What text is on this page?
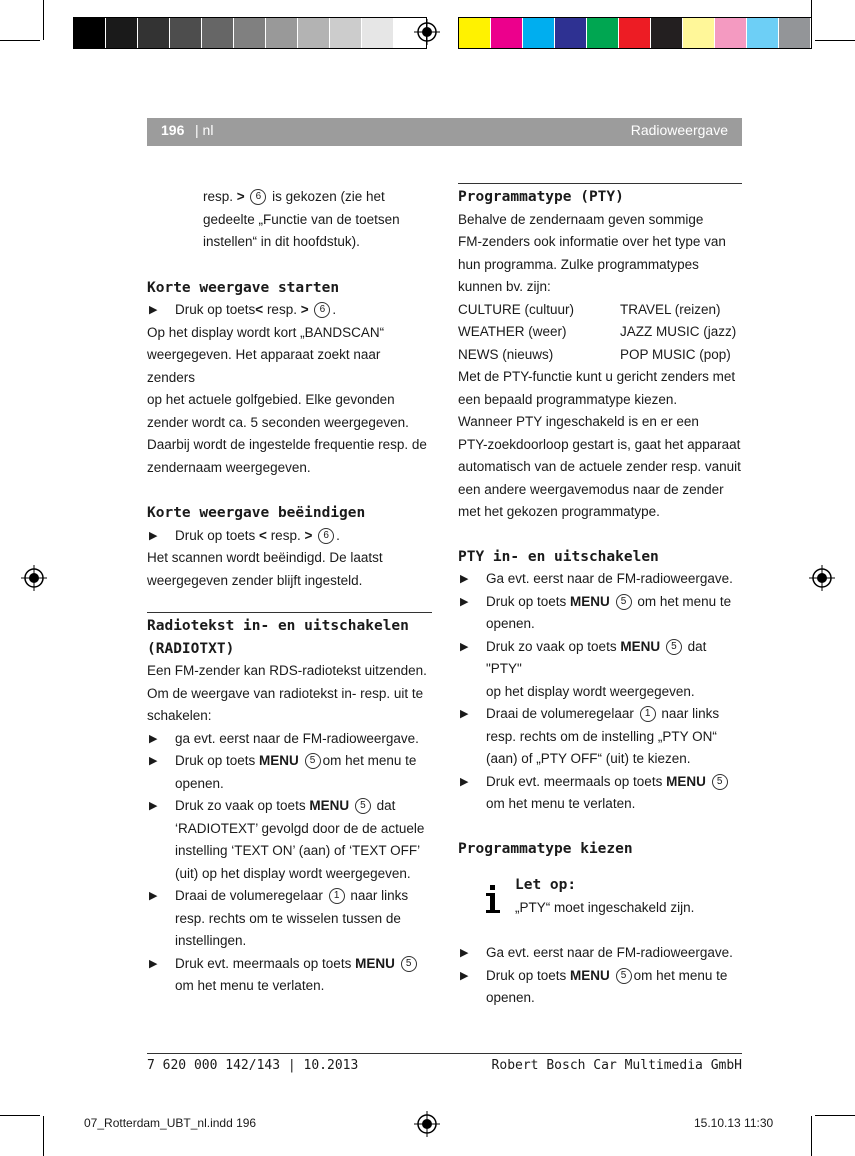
196 | nl	Radioweergave
resp. > 6 is gekozen (zie het
gedeelte „Functie van de toetsen
instellen“ in dit hoofdstuk).
Korte weergave starten
▶ Druk op toets< resp. > 6 .
Op het display wordt kort „BANDSCAN“
weergegeven. Het apparaat zoekt naar zenders
op het actuele golfgebied. Elke gevonden
zender wordt ca. 5 seconden weergegeven.
Daarbij wordt de ingestelde frequentie resp. de
zendernaam weergegeven.
Korte weergave beëindigen
▶ Druk op toets < resp. > 6 .
Het scannen wordt beëindigd. De laatst
weergegeven zender blijft ingesteld.
Radiotekst in- en uitschakelen
(RADIOTXT)
Een FM-zender kan RDS-radiotekst uitzenden.
Om de weergave van radiotekst in- resp. uit te
schakelen:
▶ ga evt. eerst naar de FM-radioweergave.
▶ Druk op toets MENU 5 om het menu te
openen.
▶ Druk zo vaak op toets MENU 5 dat
‘RADIOTEXT’ gevolgd door de de actuele
instelling ‘TEXT ON’ (aan) of ‘TEXT OFF’
(uit) op het display wordt weergegeven.
▶ Draai de volumeregelaar 1 naar links
resp. rechts om te wisselen tussen de
instellingen.
▶ Druk evt. meermaals op toets MENU 5
om het menu te verlaten.
Programmatype (PTY)
Behalve de zendernaam geven sommige
FM-zenders ook informatie over het type van
hun programma. Zulke programmatypes
kunnen bv. zijn:
CULTURE (cultuur)	TRAVEL (reizen)
WEATHER (weer)	JAZZ MUSIC (jazz)
NEWS (nieuws)	POP MUSIC (pop)
Met de PTY-functie kunt u gericht zenders met
een bepaald programmatype kiezen.
Wanneer PTY ingeschakeld is en er een
PTY-zoekdoorloop gestart is, gaat het apparaat
automatisch van de actuele zender resp. vanuit
een andere weergavemodus naar de zender
met het gekozen programmatype.
PTY in- en uitschakelen
▶ Ga evt. eerst naar de FM-radioweergave.
▶ Druk op toets MENU 5 om het menu te
openen.
▶ Druk zo vaak op toets MENU 5 dat "PTY"
op het display wordt weergegeven.
▶ Draai de volumeregelaar 1 naar links
resp. rechts om de instelling „PTY ON“
(aan) of „PTY OFF“ (uit) te kiezen.
▶ Druk evt. meermaals op toets MENU 5
om het menu te verlaten.
Programmatype kiezen
Let op:
„PTY“ moet ingeschakeld zijn.
▶ Ga evt. eerst naar de FM-radioweergave.
▶ Druk op toets MENU 5 om het menu te
openen.
7 620 000 142/143 | 10.2013	Robert Bosch Car Multimedia GmbH
07_Rotterdam_UBT_nl.indd 196	15.10.13 11:30
